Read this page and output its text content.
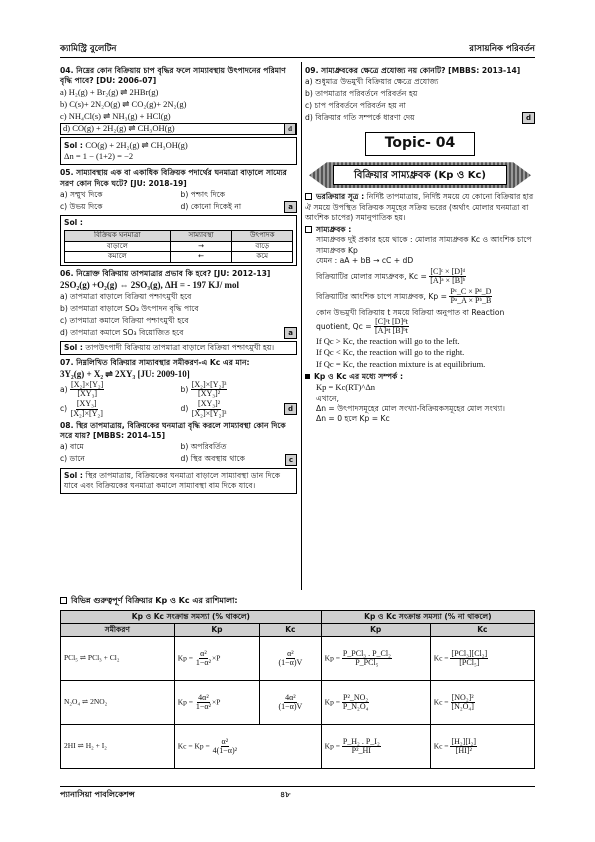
ক্যামিস্ট্রি বুলেটিন	রাসায়নিক পরিবর্তন
04. নিম্নের কোন বিক্রিয়ায় চাপ বৃদ্ধির ফলে সাম্যাবস্থায় উৎপাদনের পরিমাণ বৃদ্ধি পাবে? [DU: 2006-07]
a) H₂(g) + Br₂(g) ⇌ 2HBr(g)
b) C(s)+ 2N₂O(g) ⇌ CO₂(g)+ 2N₂(g)
c) NH₄Cl(s) ⇌ NH₃(g) + HCl(g)
d) CO(g) + 2H₂(g) ⇌ CH₃OH(g)	d
Sol : CO(g) + 2H₂(g) ⇌ CH₃OH(g)
Δn = 1 − (1+2) = −2
05. সাম্যাবস্থায় এক বা একাধিক বিক্রিয়ক পদার্থের ঘনমাত্রা বাড়ালে সাম্যের সরণ কোন দিকে ঘটে? [JU: 2018-19]
a) সম্মুখ দিকে	b) পশ্চাৎ দিকে
c) উভয় দিকে	d) কোনো দিকেই না	a
Sol :
বিক্রিয়ক ঘনমাত্রা	সাম্যাবস্থা	উৎপাদক
বাড়ালে	→	বাড়ে
কমালে	←	কমে
06. নিম্নোক্ত বিক্রিয়ায় তাপমাত্রার প্রভাব কি হবে? [JU: 2012-13]
2SO₂(g) +O₂(g) ⇔ 2SO₃(g), ΔH = - 197 KJ/ mol
a) তাপমাত্রা বাড়ালে বিক্রিয়া পশ্চাৎমুখী হবে
b) তাপমাত্রা বাড়ালে SO₃ উৎপাদন বৃদ্ধি পাবে
c) তাপমাত্রা কমালে বিক্রিয়া পশ্চাৎমুখী হবে
d) তাপমাত্রা কমালে SO₃ বিয়োজিত হবে	a
Sol : তাপউৎপাদী বিক্রিয়ায় তাপমাত্রা বাড়ালে বিক্রিয়া পশ্চাৎমুখী হয়।
07. নিম্নলিখিত বিক্রিয়ার সাম্যাবস্থার সমীকরণ-এ Kc এর মান:
3Y₂(g) + X₂ ⇌ 2XY₃ [JU: 2009-10]
$a) \frac{\text{[X₂]×[Y₂]}}{\text{[XY₃]}}$	$b) \frac{\text{[X₂]×[Y₂]³}}{\text{[XY₃]²}}$
$c) \frac{\text{[XY₃]}}{\text{[X₂]×[Y₂]}}$	d)
$\frac{\text{[XY₃]²}}{\text{[X₂]×[Y₂]³}}$	d
08. স্থির তাপমাত্রায়, বিক্রিয়কের ঘনমাত্রা বৃদ্ধি করলে সাম্যাবস্থা কোন দিকে সরে যায়? [MBBS: 2014-15]
a) বামে	b) অপরিবর্তিত
c) ডানে	d) স্থির অবস্থায় থাকে	c
Sol : স্থির তাপমাত্রায়, বিক্রিয়কের ঘনমাত্রা বাড়ালে সাম্যাবস্থা ডান দিকে যাবে এবং বিক্রিয়কের ঘনমাত্রা কমালে সাম্যাবস্থা বাম দিকে যাবে।
09. সাম্যধ্রুবকের ক্ষেত্রে প্রযোজ্য নয় কোনটি? [MBBS: 2013-14]
a) শুধুমাত্র উভমুখী বিক্রিয়ার ক্ষেত্রে প্রযোজ্য
b) তাপমাত্রার পরিবর্তনে পরিবর্তন হয়
c) চাপ পরিবর্তনে পরিবর্তন হয় না
d) বিক্রিয়ার গতি সম্পর্কে ধারণা দেয়	d
Topic- 04
বিক্রিয়ার সাম্যধ্রুবক (Kp ও Kc)
ভরক্রিয়ার সূত্র : নির্দিষ্ট তাপমাত্রায়, নির্দিষ্ট সময়ে যে কোনো বিক্রিয়ার হার ঐ সময়ে উপস্থিত বিক্রিয়ক সমূহের সক্রিয় ভরের (অর্থাৎ মোলার ঘনমাত্রা বা আংশিক চাপের) সমানুপাতিক হয়।
সাম্যধ্রুবক :
সাম্যধ্রুবক দুই প্রকার হয়ে থাকে : মোলার সাম্যধ্রুবক Kc ও আংশিক চাপে সাম্যধ্রুবক Kp
যেমন : aA + bB → cC + dD
বিক্রিয়াটির মোলার সাম্যধ্রুবক, Kc =
$\frac{\text{[C]ᶜ × [D]ᵈ}}{\text{[A]ᵃ × [B]ᵇ}}$
বিক্রিয়াটির আংশিক চাপে সাম্যধ্রুবক, Kp =
$\frac{\text{Pᶜ\_C × Pᵈ\_D}}{\text{Pᵃ\_A × Pᵇ\_B}}$
কোন উভমুখী বিক্রিয়ায় t সময়ে বিক্রিয়া অনুপাত বা Reaction
quotient, Qc =
$\frac{\text{[C]ᶜt [D]ᵈt}}{\text{[A]ᵃt [B]ᵇt}}$
If Qc > Kc, the reaction will go to the left.
If Qc < Kc, the reaction will go to the right.
If Qc = Kc, the reaction mixture is at equilibrium.
Kp ও Kc এর মধ্যে সম্পর্ক :
Kp = Kc(RT)^Δn
এখানে,
Δn = উৎপাদসমূহের মোল সংখ্যা-বিক্রিয়কসমূহের মোল সংখ্যা।
Δn = 0 হলে Kp = Kc
বিভিন্ন গুরুত্বপূর্ণ বিক্রিয়ার Kp ও Kc এর রাশিমালা:
Kp ও Kc সংক্রান্ত সমস্যা (% থাকলে)			Kp ও Kc সংক্রান্ত সমস্যা (% না থাকলে)	
সমীকরণ	Kp	Kc	Kp	Kc
PCl₅ ⇌ PCl₃ + Cl₂	$Kp = \frac{\text{α²}}{\text{1−α²}} \times P$	$\frac{\text{α²}}{(1-\alpha)V}$	$Kp = \frac{\text{P\_PCl₃ . P\_Cl₂}}{\text{P\_PCl₅}}$	$Kc = \frac{\text{[PCl₃][Cl₂]}}{\text{[PCl₅]}}$

N₂O₄ ⇌ 2NO₂	$Kp = \frac{\text{4α²}}{\text{1−α²}} \times P$	$\frac{\text{4α²}}{(1-\alpha)V}$	$Kp = \frac{\text{P²\_NO₂}}{\text{P\_N₂O₄}}$	$Kc = \frac{\text{[NO₂]²}}{\text{[N₂O₄]}}$

2HI ⇌ H₂ + I₂	$Kc = Kp = \frac{\text{α²}}{\text{4(1−α)²}}$		$Kp = \frac{\text{P\_H₂ . P\_I₂}}{\text{P²\_HI}}$	$Kc = \frac{\text{[H₂][I₂]}}{\text{[HI]²}}$
প্যানাসিয়া পাবলিকেশন্স	৪৮
